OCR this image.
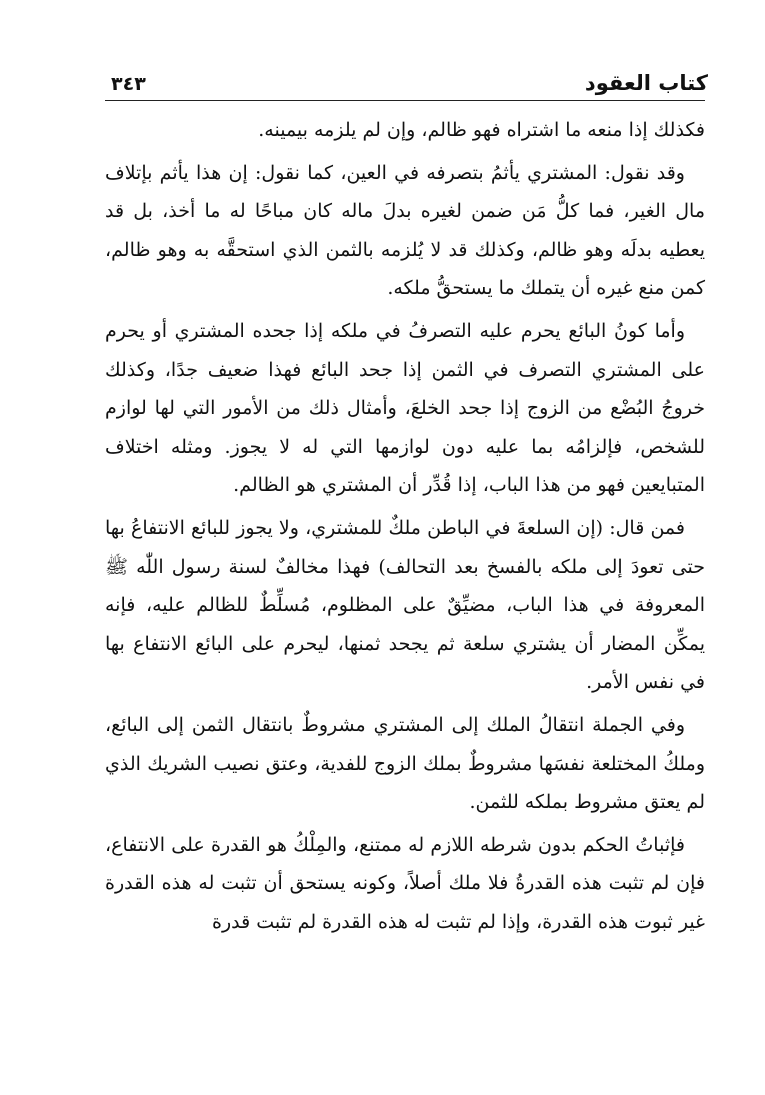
كتاب العقود
٣٤٣

فكذلك إذا منعه ما اشتراه فهو ظالم، وإن لم يلزمه بيمينه.

وقد نقول: المشتري يأثمُ بتصرفه في العين، كما نقول: إن هذا يأثم بإتلاف مال الغير، فما كلُّ مَن ضمن لغيره بدلَ ماله كان مباحًا له ما أخذ، بل قد يعطيه بدلَه وهو ظالم، وكذلك قد لا يُلزمه بالثمن الذي استحقَّه به وهو ظالم، كمن منع غيره أن يتملك ما يستحقُّ ملكه.

وأما كونُ البائع يحرم عليه التصرفُ في ملكه إذا جحده المشتري أو يحرم على المشتري التصرف في الثمن إذا جحد البائع فهذا ضعيف جدًا، وكذلك خروجُ البُضْع من الزوج إذا جحد الخلعَ، وأمثال ذلك من الأمور التي لها لوازم للشخص، فإلزامُه بما عليه دون لوازمها التي له لا يجوز. ومثله اختلاف المتبايعين فهو من هذا الباب، إذا قُدِّر أن المشتري هو الظالم.

فمن قال: (إن السلعةَ في الباطن ملكٌ للمشتري، ولا يجوز للبائع الانتفاعُ بها حتى تعودَ إلى ملكه بالفسخ بعد التحالف) فهذا مخالفٌ لسنة رسول اللّٰه ﷺ المعروفة في هذا الباب، مضيِّقٌ على المظلوم، مُسلِّطٌ للظالم عليه، فإنه يمكِّن المضار أن يشتري سلعة ثم يجحد ثمنها، ليحرم على البائع الانتفاع بها في نفس الأمر.

وفي الجملة انتقالُ الملك إلى المشتري مشروطٌ بانتقال الثمن إلى البائع، وملكُ المختلعة نفسَها مشروطٌ بملك الزوج للفدية، وعتق نصيب الشريك الذي لم يعتق مشروط بملكه للثمن.

فإثباتُ الحكم بدون شرطه اللازم له ممتنع، والمِلْكُ هو القدرة على الانتفاع، فإن لم تثبت هذه القدرةُ فلا ملك أصلاً، وكونه يستحق أن تثبت له هذه القدرة غير ثبوت هذه القدرة، وإذا لم تثبت له هذه القدرة لم تثبت قدرة
